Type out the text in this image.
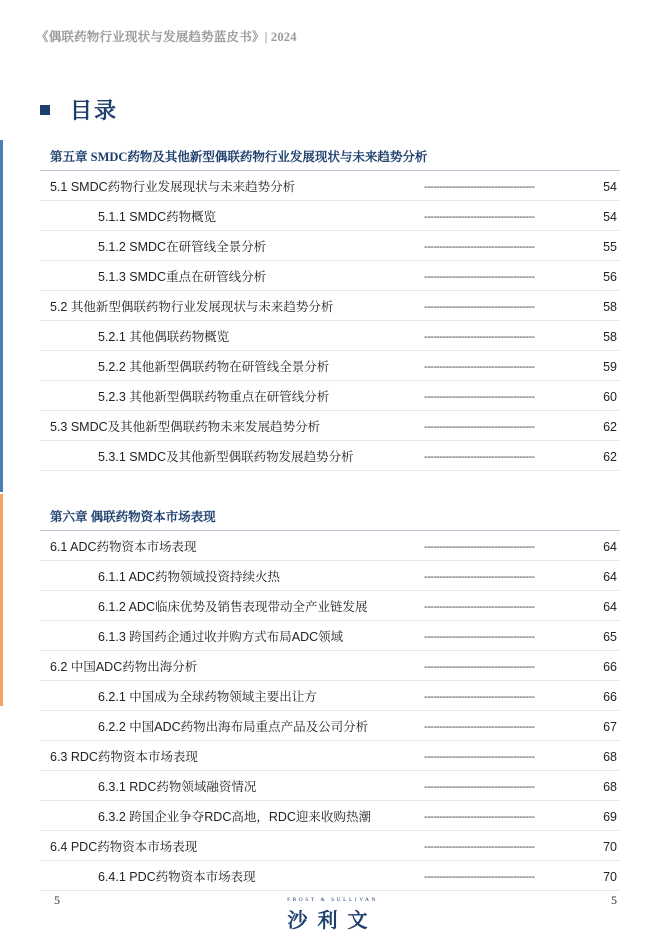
《偶联药物行业现状与发展趋势蓝皮书》| 2024
目录
第五章 SMDC药物及其他新型偶联药物行业发展现状与未来趋势分析
5.1 SMDC药物行业发展现状与未来趋势分析	------------------------------------	54
5.1.1 SMDC药物概览	------------------------------------	54
5.1.2 SMDC在研管线全景分析	------------------------------------	55
5.1.3 SMDC重点在研管线分析	------------------------------------	56
5.2 其他新型偶联药物行业发展现状与未来趋势分析	------------------------------------	58
5.2.1 其他偶联药物概览	------------------------------------	58
5.2.2 其他新型偶联药物在研管线全景分析	------------------------------------	59
5.2.3 其他新型偶联药物重点在研管线分析	------------------------------------	60
5.3 SMDC及其他新型偶联药物未来发展趋势分析	------------------------------------	62
5.3.1 SMDC及其他新型偶联药物发展趋势分析	------------------------------------	62
第六章 偶联药物资本市场表现
6.1 ADC药物资本市场表现	------------------------------------	64
6.1.1 ADC药物领域投资持续火热	------------------------------------	64
6.1.2 ADC临床优势及销售表现带动全产业链发展	------------------------------------	64
6.1.3 跨国药企通过收并购方式布局ADC领域	------------------------------------	65
6.2 中国ADC药物出海分析	------------------------------------	66
6.2.1 中国成为全球药物领域主要出让方	------------------------------------	66
6.2.2 中国ADC药物出海布局重点产品及公司分析	------------------------------------	67
6.3 RDC药物资本市场表现	------------------------------------	68
6.3.1 RDC药物领域融资情况	------------------------------------	68
6.3.2 跨国企业争夺RDC高地，RDC迎来收购热潮	------------------------------------	69
6.4 PDC药物资本市场表现	------------------------------------	70
6.4.1 PDC药物资本市场表现	------------------------------------	70
5	5
FROST & SULLIVAN
沙利文
